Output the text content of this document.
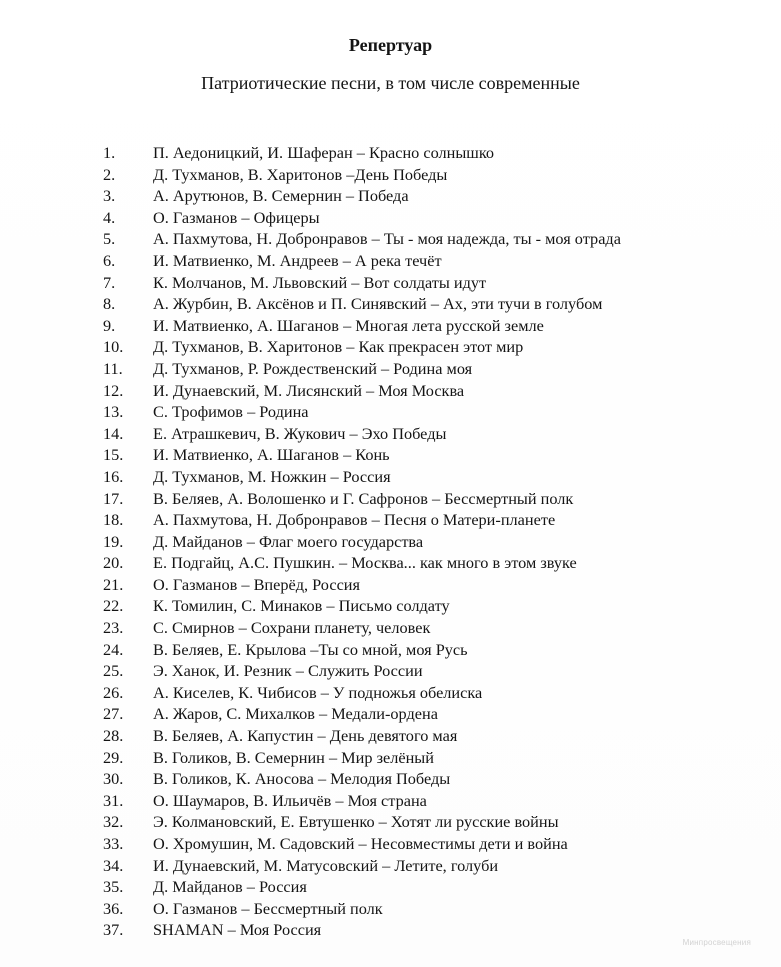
Репертуар
Патриотические песни, в том числе современные
1.	П. Аедоницкий, И. Шаферан – Красно солнышко
2.	Д. Тухманов, В. Харитонов –День Победы
3.	А. Арутюнов, В. Семернин – Победа
4.	О. Газманов – Офицеры
5.	А. Пахмутова, Н. Добронравов – Ты - моя надежда, ты - моя отрада
6.	И. Матвиенко, М. Андреев – А река течёт
7.	К. Молчанов, М. Львовский – Вот солдаты идут
8.	А. Журбин, В. Аксёнов и П. Синявский – Ах, эти тучи в голубом
9.	И. Матвиенко, А. Шаганов – Многая лета русской земле
10.	Д. Тухманов, В. Харитонов – Как прекрасен этот мир
11.	Д. Тухманов, Р. Рождественский – Родина моя
12.	И. Дунаевский, М. Лисянский – Моя Москва
13.	С. Трофимов – Родина
14.	Е. Атрашкевич, В. Жукович – Эхо Победы
15.	И. Матвиенко, А. Шаганов – Конь
16.	Д. Тухманов, М. Ножкин – Россия
17.	В. Беляев, А. Волошенко и Г. Сафронов – Бессмертный полк
18.	А. Пахмутова, Н. Добронравов – Песня о Матери-планете
19.	Д. Майданов – Флаг моего государства
20.	Е. Подгайц, А.С. Пушкин. – Москва... как много в этом звуке
21.	О. Газманов – Вперёд, Россия
22.	К. Томилин, С. Минаков – Письмо солдату
23.	С. Смирнов – Сохрани планету, человек
24.	В. Беляев, Е. Крылова –Ты со мной, моя Русь
25.	Э. Ханок, И. Резник – Служить России
26.	А. Киселев, К. Чибисов – У подножья обелиска
27.	А. Жаров, С. Михалков – Медали-ордена
28.	В. Беляев, А. Капустин – День девятого мая
29.	В. Голиков, В. Семернин – Мир зелёный
30.	В. Голиков, К. Аносова – Мелодия Победы
31.	О. Шаумаров, В. Ильичёв – Моя страна
32.	Э. Колмановский, Е. Евтушенко – Хотят ли русские войны
33.	О. Хромушин, М. Садовский – Несовместимы дети и война
34.	И. Дунаевский, М. Матусовский – Летите, голуби
35.	Д. Майданов – Россия
36.	О. Газманов – Бессмертный полк
37.	SHAMAN – Моя Россия
Минпросвещения
